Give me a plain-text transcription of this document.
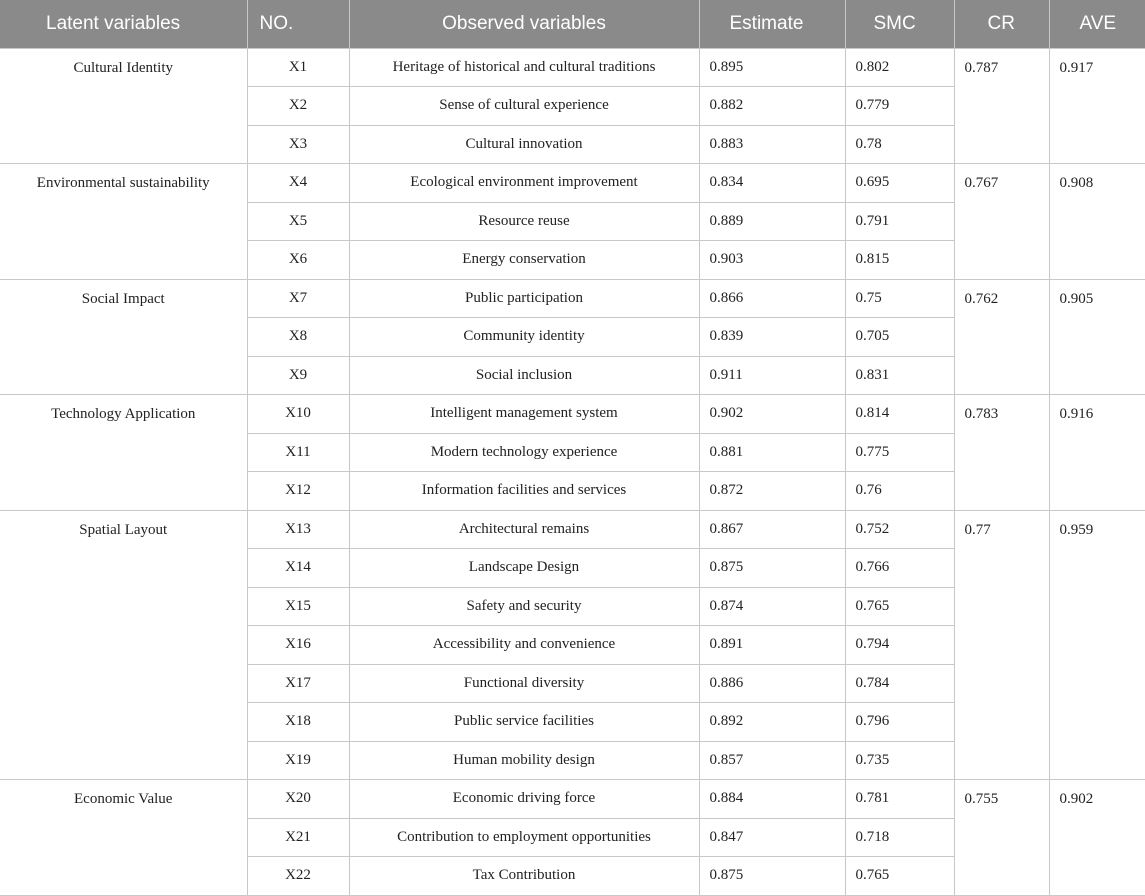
Latent variables	NO.	Observed variables	Estimate	SMC	CR	AVE
Cultural Identity	X1	Heritage of historical and cultural traditions	0.895	0.802	0.787	0.917
	X2	Sense of cultural experience	0.882	0.779		
	X3	Cultural innovation	0.883	0.78		
Environmental sustainability	X4	Ecological environment improvement	0.834	0.695	0.767	0.908
	X5	Resource reuse	0.889	0.791		
	X6	Energy conservation	0.903	0.815		
Social Impact	X7	Public participation	0.866	0.75	0.762	0.905
	X8	Community identity	0.839	0.705		
	X9	Social inclusion	0.911	0.831		
Technology Application	X10	Intelligent management system	0.902	0.814	0.783	0.916
	X11	Modern technology experience	0.881	0.775		
	X12	Information facilities and services	0.872	0.76		
Spatial Layout	X13	Architectural remains	0.867	0.752	0.77	0.959
	X14	Landscape Design	0.875	0.766		
	X15	Safety and security	0.874	0.765		
	X16	Accessibility and convenience	0.891	0.794		
	X17	Functional diversity	0.886	0.784		
	X18	Public service facilities	0.892	0.796		
	X19	Human mobility design	0.857	0.735		
Economic Value	X20	Economic driving force	0.884	0.781	0.755	0.902
	X21	Contribution to employment opportunities	0.847	0.718		
	X22	Tax Contribution	0.875	0.765		
